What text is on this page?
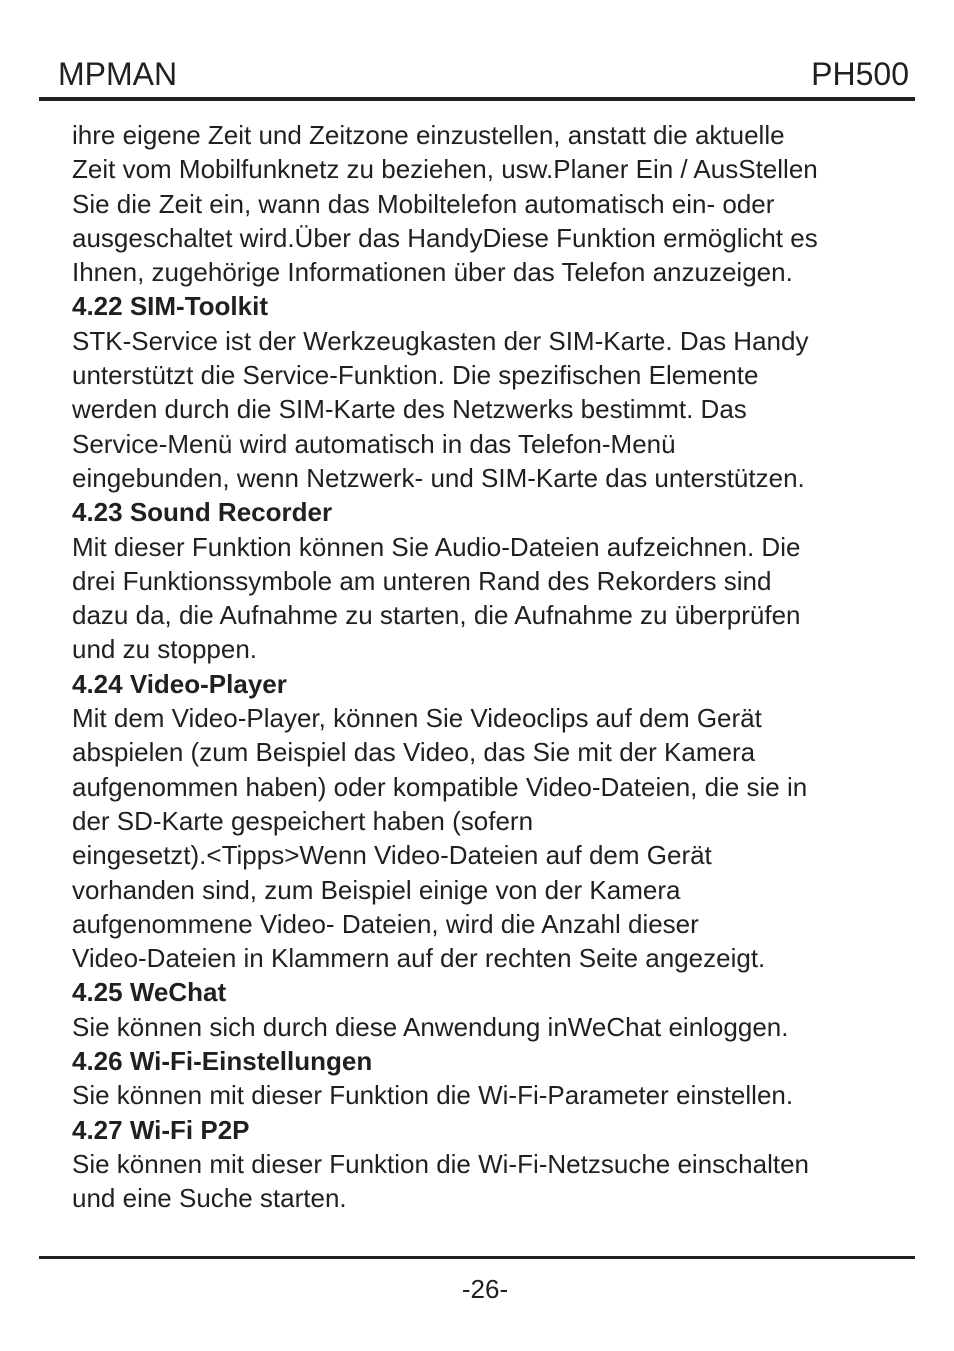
MPMAN	PH500

ihre eigene Zeit und Zeitzone einzustellen, anstatt die aktuelle

Zeit vom Mobilfunknetz zu beziehen, usw.Planer Ein / AusStellen

Sie die Zeit ein, wann das Mobiltelefon automatisch ein- oder

ausgeschaltet wird.Über das HandyDiese Funktion ermöglicht es

Ihnen, zugehörige Informationen über das Telefon anzuzeigen.

4.22 SIM-Toolkit

STK-Service ist der Werkzeugkasten der SIM-Karte. Das Handy

unterstützt die Service-Funktion. Die spezifischen Elemente

werden durch die SIM-Karte des Netzwerks bestimmt. Das

Service-Menü wird automatisch in das Telefon-Menü

eingebunden, wenn Netzwerk- und SIM-Karte das unterstützen.

4.23 Sound Recorder

Mit dieser Funktion können Sie Audio-Dateien aufzeichnen. Die

drei Funktionssymbole am unteren Rand des Rekorders sind

dazu da, die Aufnahme zu starten, die Aufnahme zu überprüfen

und zu stoppen.

4.24 Video-Player

Mit dem Video-Player, können Sie Videoclips auf dem Gerät

abspielen (zum Beispiel das Video, das Sie mit der Kamera

aufgenommen haben) oder kompatible Video-Dateien, die sie in

der SD-Karte gespeichert haben (sofern

eingesetzt).<Tipps>Wenn Video-Dateien auf dem Gerät

vorhanden sind, zum Beispiel einige von der Kamera

aufgenommene Video- Dateien, wird die Anzahl dieser

Video-Dateien in Klammern auf der rechten Seite angezeigt.

4.25 WeChat

Sie können sich durch diese Anwendung inWeChat einloggen.

4.26 Wi-Fi-Einstellungen

Sie können mit dieser Funktion die Wi-Fi-Parameter einstellen.

4.27 Wi-Fi P2P

Sie können mit dieser Funktion die Wi-Fi-Netzsuche einschalten

und eine Suche starten.

-26-
